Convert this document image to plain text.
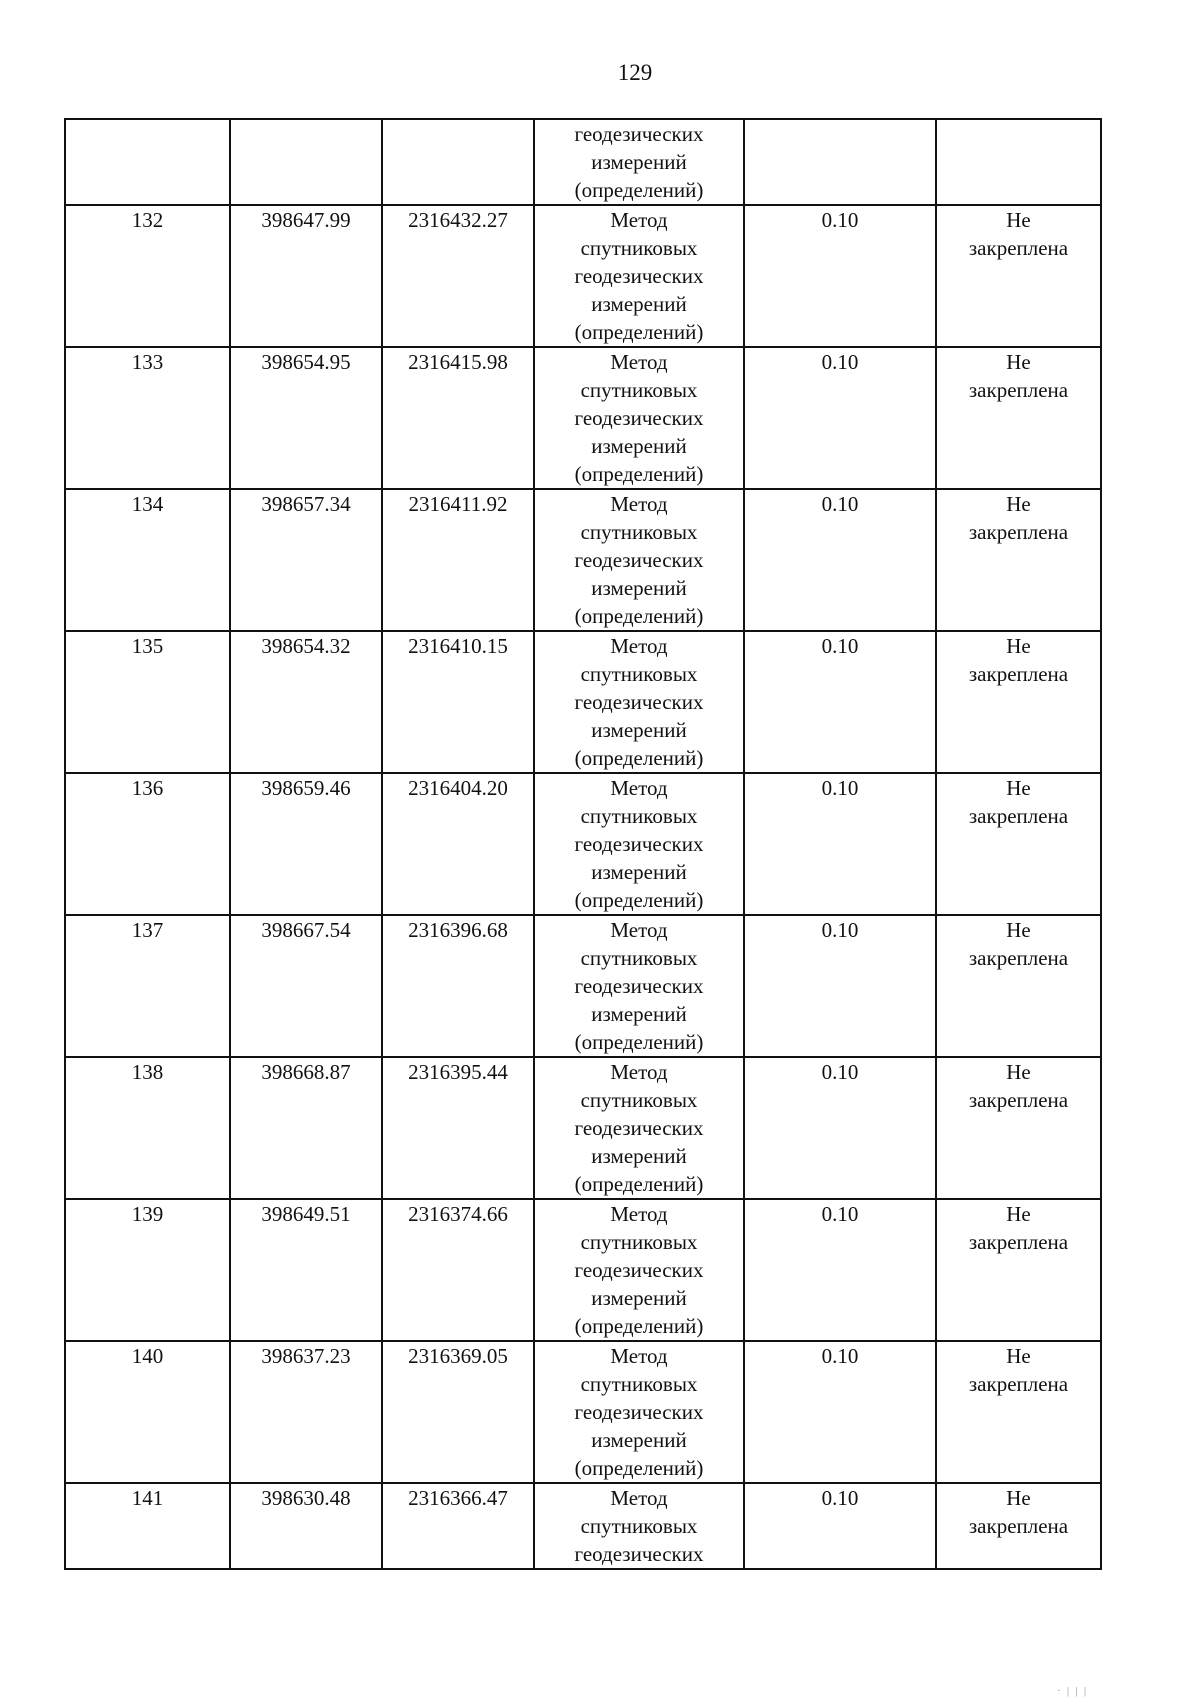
129

			геодезических
измерений
(определений)		

132	398647.99	2316432.27	Метод
спутниковых
геодезических
измерений
(определений)	0.10	Не
закреплена

133	398654.95	2316415.98	Метод
спутниковых
геодезических
измерений
(определений)	0.10	Не
закреплена

134	398657.34	2316411.92	Метод
спутниковых
геодезических
измерений
(определений)	0.10	Не
закреплена

135	398654.32	2316410.15	Метод
спутниковых
геодезических
измерений
(определений)	0.10	Не
закреплена

136	398659.46	2316404.20	Метод
спутниковых
геодезических
измерений
(определений)	0.10	Не
закреплена

137	398667.54	2316396.68	Метод
спутниковых
геодезических
измерений
(определений)	0.10	Не
закреплена

138	398668.87	2316395.44	Метод
спутниковых
геодезических
измерений
(определений)	0.10	Не
закреплена

139	398649.51	2316374.66	Метод
спутниковых
геодезических
измерений
(определений)	0.10	Не
закреплена

140	398637.23	2316369.05	Метод
спутниковых
геодезических
измерений
(определений)	0.10	Не
закреплена

141	398630.48	2316366.47	Метод
спутниковых
геодезических	0.10	Не
закреплена
· | | |
